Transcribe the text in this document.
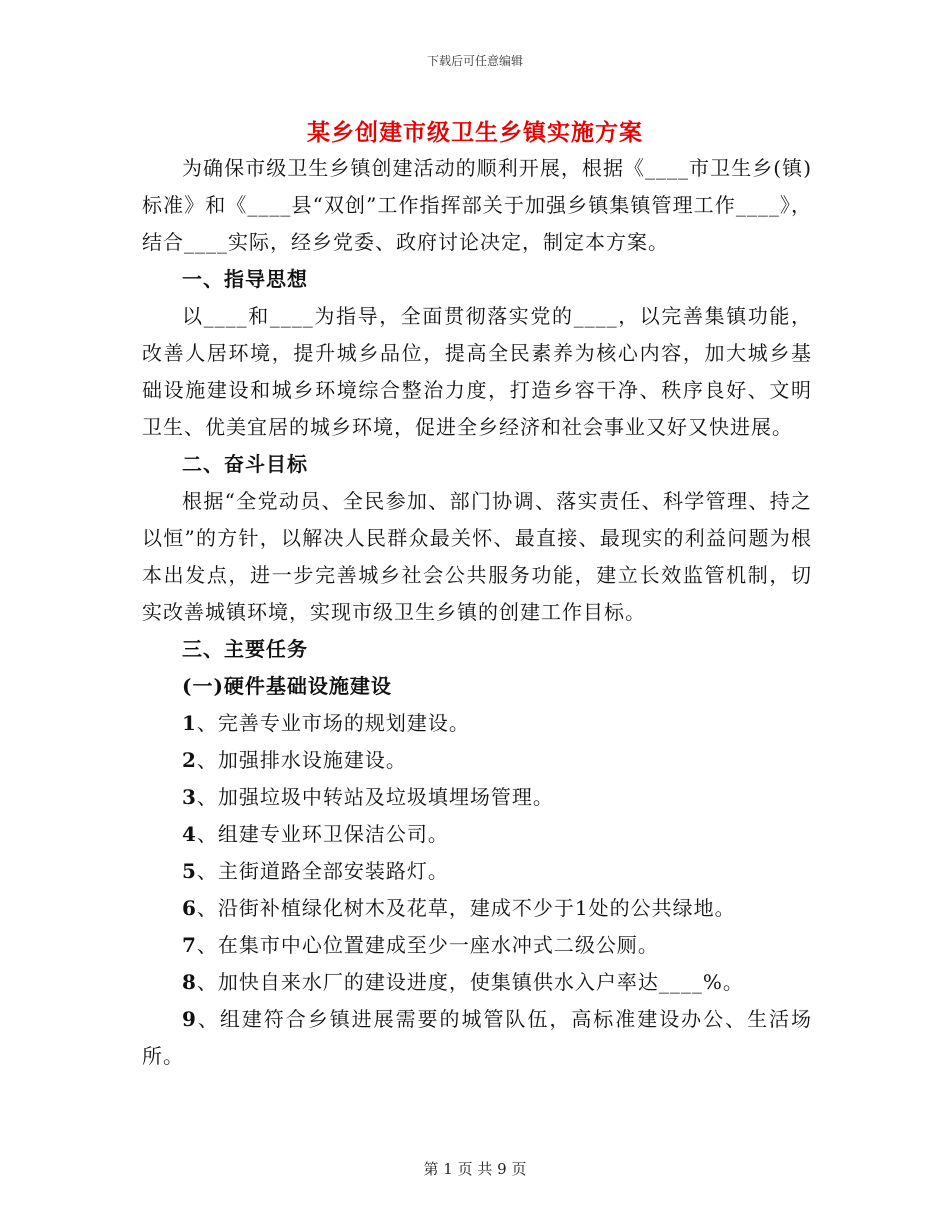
下载后可任意编辑
某乡创建市级卫生乡镇实施方案

为确保市级卫生乡镇创建活动的顺利开展，根据《____市卫生乡(镇)标准》和《____县“双创”工作指挥部关于加强乡镇集镇管理工作____》，结合____实际，经乡党委、政府讨论决定，制定本方案。

一、指导思想

以____和____为指导，全面贯彻落实党的____，以完善集镇功能，改善人居环境，提升城乡品位，提高全民素养为核心内容，加大城乡基础设施建设和城乡环境综合整治力度，打造乡容干净、秩序良好、文明卫生、优美宜居的城乡环境，促进全乡经济和社会事业又好又快进展。

二、奋斗目标

根据“全党动员、全民参加、部门协调、落实责任、科学管理、持之以恒”的方针，以解决人民群众最关怀、最直接、最现实的利益问题为根本出发点，进一步完善城乡社会公共服务功能，建立长效监管机制，切实改善城镇环境，实现市级卫生乡镇的创建工作目标。

三、主要任务

(一)硬件基础设施建设

1、完善专业市场的规划建设。

2、加强排水设施建设。

3、加强垃圾中转站及垃圾填埋场管理。

4、组建专业环卫保洁公司。

5、主街道路全部安装路灯。

6、沿街补植绿化树木及花草，建成不少于1处的公共绿地。

7、在集市中心位置建成至少一座水冲式二级公厕。

8、加快自来水厂的建设进度，使集镇供水入户率达____%。

9、组建符合乡镇进展需要的城管队伍，高标准建设办公、生活场所。

第 1 页 共 9 页
